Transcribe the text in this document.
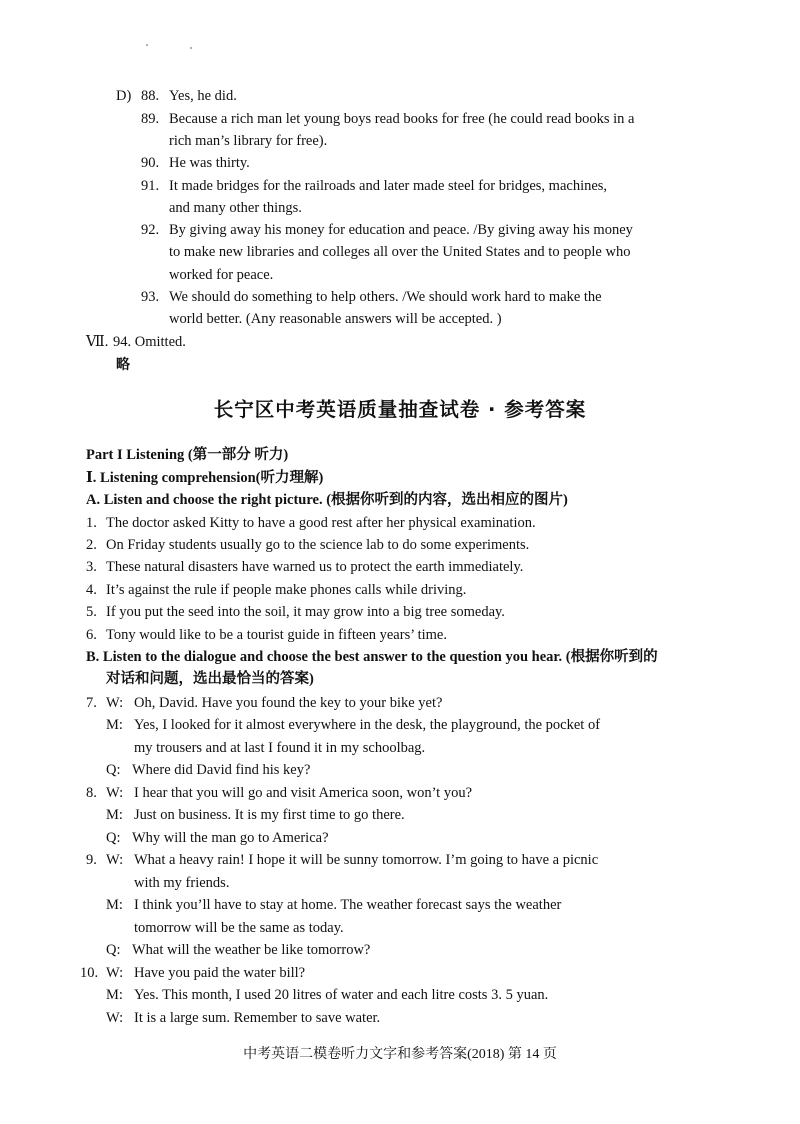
D) 88. Yes, he did.
89. Because a rich man let young boys read books for free (he could read books in a
rich man’s library for free).
90. He was thirty.
91. It made bridges for the railroads and later made steel for bridges, machines,
and many other things.
92. By giving away his money for education and peace. /By giving away his money
to make new libraries and colleges all over the United States and to people who
worked for peace.
93. We should do something to help others. /We should work hard to make the
world better. (Any reasonable answers will be accepted. )
Ⅶ. 94. Omitted.
略
长宁区中考英语质量抽查试卷 · 参考答案
Part I Listening (第一部分 听力)
Ⅰ. Listening comprehension(听力理解)
A. Listen and choose the right picture. (根据你听到的内容，选出相应的图片)
1. The doctor asked Kitty to have a good rest after her physical examination.
2. On Friday students usually go to the science lab to do some experiments.
3. These natural disasters have warned us to protect the earth immediately.
4. It’s against the rule if people make phones calls while driving.
5. If you put the seed into the soil, it may grow into a big tree someday.
6. Tony would like to be a tourist guide in fifteen years’ time.
B. Listen to the dialogue and choose the best answer to the question you hear. (根据你听到的
对话和问题，选出最恰当的答案)
7. W: Oh, David. Have you found the key to your bike yet?
M: Yes, I looked for it almost everywhere in the desk, the playground, the pocket of
my trousers and at last I found it in my schoolbag.
Q: Where did David find his key?
8. W: I hear that you will go and visit America soon, won’t you?
M: Just on business. It is my first time to go there.
Q: Why will the man go to America?
9. W: What a heavy rain! I hope it will be sunny tomorrow. I’m going to have a picnic
with my friends.
M: I think you’ll have to stay at home. The weather forecast says the weather
tomorrow will be the same as today.
Q: What will the weather be like tomorrow?
10. W: Have you paid the water bill?
M: Yes. This month, I used 20 litres of water and each litre costs 3. 5 yuan.
W: It is a large sum. Remember to save water.
中考英语二模卷听力文字和参考答案(2018) 第 14 页
